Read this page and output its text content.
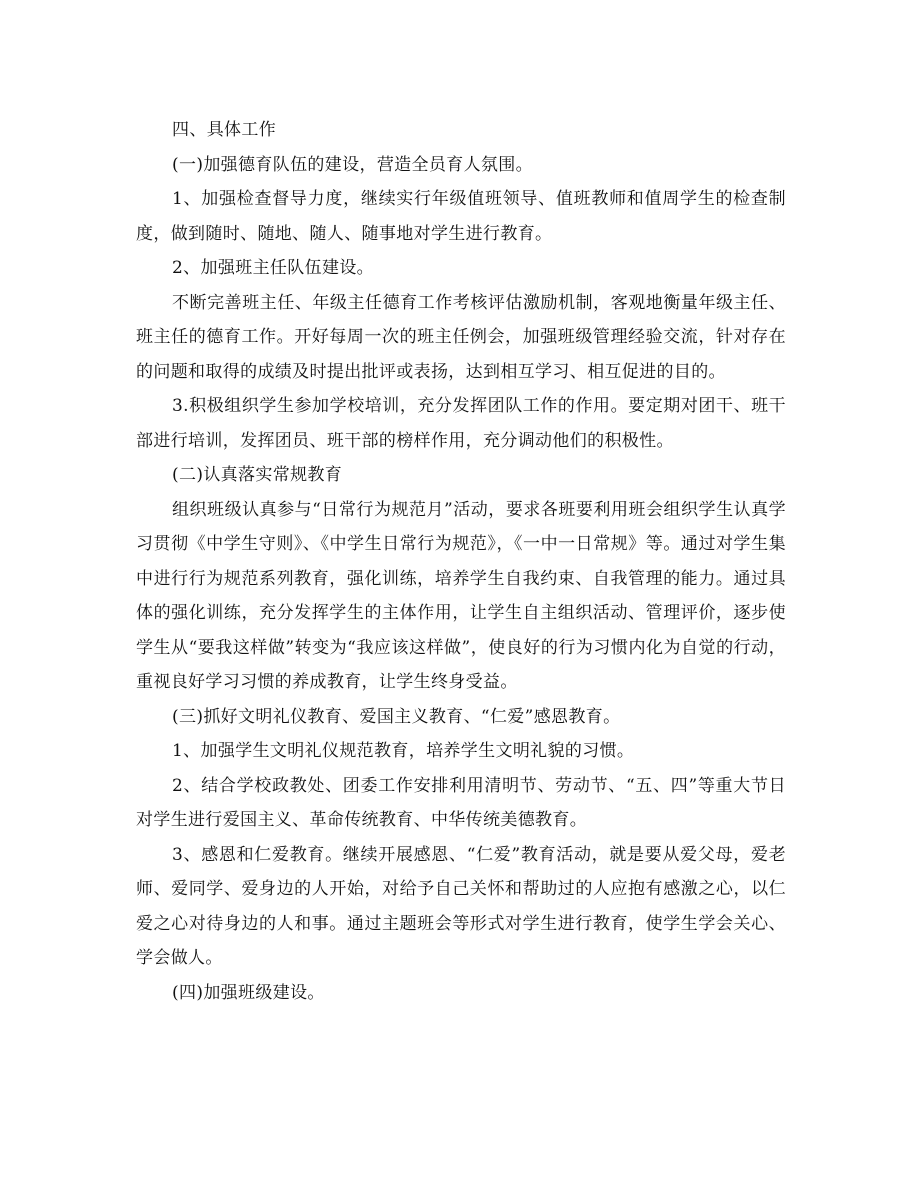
四、具体工作

(一)加强德育队伍的建设，营造全员育人氛围。

1、加强检查督导力度，继续实行年级值班领导、值班教师和值周学生的检查制度，做到随时、随地、随人、随事地对学生进行教育。

2、加强班主任队伍建设。

不断完善班主任、年级主任德育工作考核评估激励机制，客观地衡量年级主任、班主任的德育工作。开好每周一次的班主任例会，加强班级管理经验交流，针对存在的问题和取得的成绩及时提出批评或表扬，达到相互学习、相互促进的目的。

3.积极组织学生参加学校培训，充分发挥团队工作的作用。要定期对团干、班干部进行培训，发挥团员、班干部的榜样作用，充分调动他们的积极性。

(二)认真落实常规教育

组织班级认真参与“日常行为规范月”活动，要求各班要利用班会组织学生认真学习贯彻《中学生守则》、《中学生日常行为规范》，《一中一日常规》等。通过对学生集中进行行为规范系列教育，强化训练，培养学生自我约束、自我管理的能力。通过具体的强化训练，充分发挥学生的主体作用，让学生自主组织活动、管理评价，逐步使学生从“要我这样做”转变为“我应该这样做”，使良好的行为习惯内化为自觉的行动，重视良好学习习惯的养成教育，让学生终身受益。

(三)抓好文明礼仪教育、爱国主义教育、“仁爱”感恩教育。

1、加强学生文明礼仪规范教育，培养学生文明礼貌的习惯。

2、结合学校政教处、团委工作安排利用清明节、劳动节、“五、四”等重大节日对学生进行爱国主义、革命传统教育、中华传统美德教育。

3、感恩和仁爱教育。继续开展感恩、“仁爱”教育活动，就是要从爱父母，爱老师、爱同学、爱身边的人开始，对给予自己关怀和帮助过的人应抱有感激之心，以仁爱之心对待身边的人和事。通过主题班会等形式对学生进行教育，使学生学会关心、学会做人。

(四)加强班级建设。
